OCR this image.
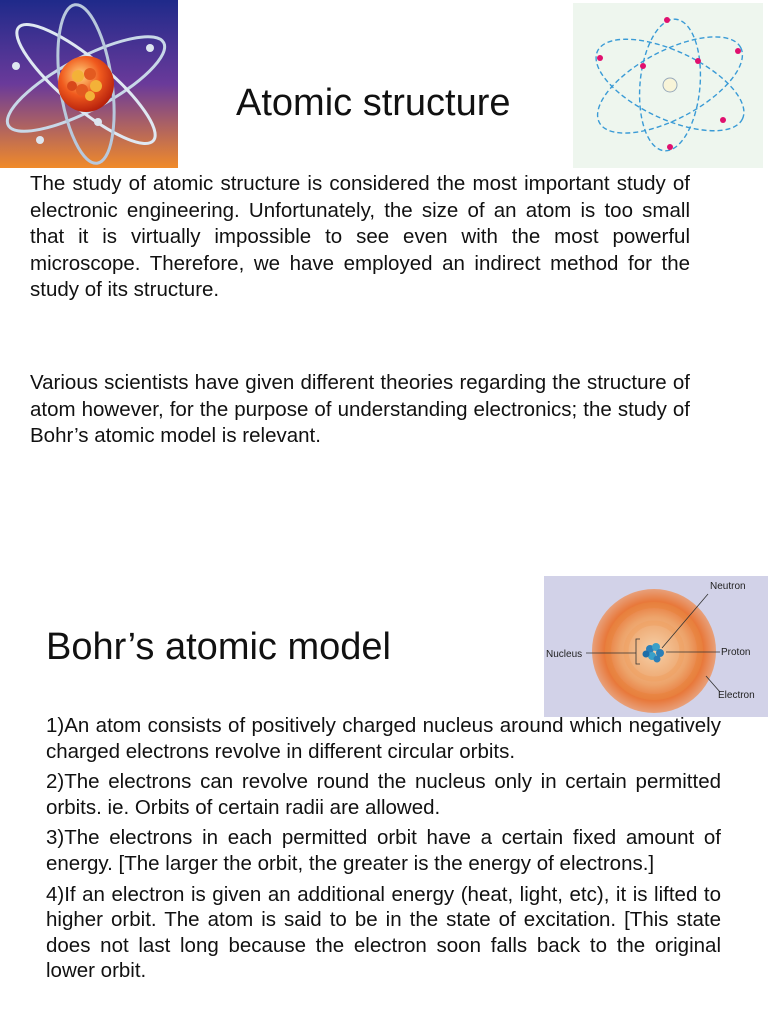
Atomic structure

The study of atomic structure is considered the most important study of electronic engineering. Unfortunately, the size of an atom is too small that it is virtually impossible to see even with the most powerful microscope. Therefore, we have employed an indirect method for the study of its structure.

Various scientists have given different theories regarding the structure of atom however, for the purpose of understanding electronics; the study of Bohr’s atomic model is relevant.

Bohr’s atomic model
Neutron
Nucleus	Proton
Electron

1)An atom consists of positively charged nucleus around which negatively charged electrons revolve in different circular orbits.

2)The electrons can revolve round the nucleus only in certain permitted orbits. ie. Orbits of certain radii are allowed.

3)The electrons in each permitted orbit have a certain fixed amount of energy. [The larger the orbit, the greater is the energy of electrons.]

4)If an electron is given an additional energy (heat, light, etc), it is lifted to higher orbit. The atom is said to be in the state of excitation. [This state does not last long because the electron soon falls back to the original lower orbit.
